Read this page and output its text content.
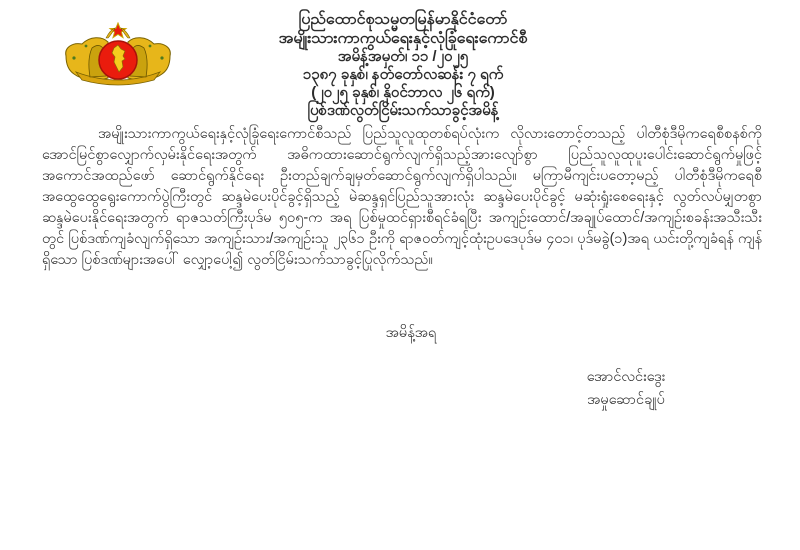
ပြည်ထောင်စုသမ္မတမြန်မာနိုင်ငံတော်
အမျိုးသားကာကွယ်ရေးနှင့်လုံခြုံရေးကောင်စီ
အမိန့်အမှတ်၊ ၁၁ /၂၀၂၅
၁၃၈၇ ခုနှစ်၊ နတ်တော်လဆန်း ၇ ရက်
(၂၀၂၅ ခုနှစ်၊ နိုဝင်ဘာလ ၂၆ ရက်)
ပြစ်ဒဏ်လွတ်ငြိမ်းသက်သာခွင့်အမိန့်
အမျိုးသားကာကွယ်ရေးနှင့်လုံခြုံရေးကောင်စီသည် ပြည်သူလူထုတစ်ရပ်လုံးက လိုလားတောင့်တသည့် ပါတီစုံဒီမိုကရေစီစနစ်ကို အောင်မြင်စွာလျှောက်လှမ်းနိုင်ရေးအတွက် အဓိကထားဆောင်ရွက်လျက်ရှိသည့်အားလျော်စွာ ပြည်သူလူထုပူးပေါင်းဆောင်ရွက်မှုဖြင့် အကောင်အထည်ဖော် ဆောင်ရွက်နိုင်ရေး ဦးတည်ချက်ချမှတ်ဆောင်ရွက်လျက်ရှိပါသည်။ မကြာမီကျင်းပတော့မည့် ပါတီစုံဒီမိုကရေစီ အထွေထွေရွေးကောက်ပွဲကြီးတွင် ဆန္ဒမဲပေးပိုင်ခွင့်ရှိသည့် မဲဆန္ဒရှင်ပြည်သူအားလုံး ဆန္ဒမဲပေးပိုင်ခွင့် မဆုံးရှုံးစေရေးနှင့် လွတ်လပ်မျှတစွာ ဆန္ဒမဲပေးနိုင်ရေးအတွက် ရာဇသတ်ကြီးပုဒ်မ ၅၀၅-က အရ ပြစ်မှုထင်ရှားစီရင်ခံရပြီး အကျဉ်းထောင်/အချုပ်ထောင်/အကျဉ်းစခန်းအသီးသီးတွင် ပြစ်ဒဏ်ကျခံလျက်ရှိသော အကျဉ်းသား/အကျဉ်းသူ ၂၃၆၁ ဦးကို ရာဇဝတ်ကျင့်ထုံးဥပဒေပုဒ်မ ၄၀၁၊ ပုဒ်မခွဲ(၁)အရ ယင်းတို့ကျခံရန် ကျန်ရှိသော ပြစ်ဒဏ်များအပေါ် လျှော့ပေါ့၍ လွတ်ငြိမ်းသက်သာခွင့်ပြုလိုက်သည်။
အမိန့်အရ
အောင်လင်းဒွေး
အမှုဆောင်ချုပ်
